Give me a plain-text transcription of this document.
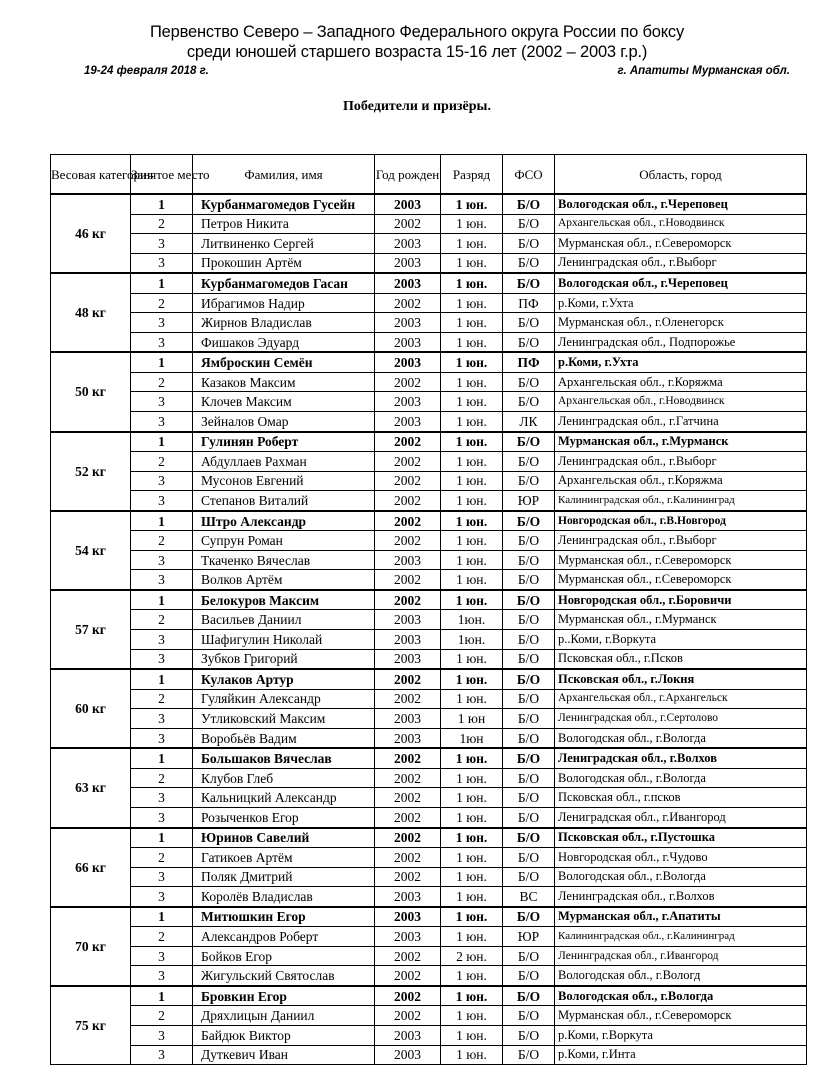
Первенство Северо – Западного Федерального округа России по боксу
среди юношей старшего возраста 15-16 лет (2002 – 2003 г.р.)
19-24 февраля 2018 г.	г. Апатиты Мурманская обл.
Победители и призёры.
Весовая категория	Занятое место	Фамилия, имя	Год рожден	Разряд	ФСО	Область, город
46 кг	1	Курбанмагомедов Гусейн	2003	1 юн.	Б/О	Вологодская обл., г.Череповец
	2	Петров Никита	2002	1 юн.	Б/О	Архангельская обл., г.Новодвинск
	3	Литвиненко Сергей	2003	1 юн.	Б/О	Мурманская обл., г.Североморск
	3	Прокошин Артём	2003	1 юн.	Б/О	Ленинградская обл., г.Выборг
48 кг	1	Курбанмагомедов Гасан	2003	1 юн.	Б/О	Вологодская обл., г.Череповец
	2	Ибрагимов Надир	2002	1 юн.	ПФ	р.Коми, г.Ухта
	3	Жирнов Владислав	2003	1 юн.	Б/О	Мурманская обл., г.Оленегорск
	3	Фишаков Эдуард	2003	1 юн.	Б/О	Ленинградская обл., Подпорожье
50 кг	1	Ямброскин Семён	2003	1 юн.	ПФ	р.Коми, г.Ухта
	2	Казаков Максим	2002	1 юн.	Б/О	Архангельская обл., г.Коряжма
	3	Клочев Максим	2003	1 юн.	Б/О	Архангельская обл., г.Новодвинск
	3	Зейналов Омар	2003	1 юн.	ЛК	Ленинградская обл., г.Гатчина
52 кг	1	Гулинян Роберт	2002	1 юн.	Б/О	Мурманская обл., г.Мурманск
	2	Абдуллаев Рахман	2002	1 юн.	Б/О	Ленинградская обл., г.Выборг
	3	Мусонов Евгений	2002	1 юн.	Б/О	Архангельская обл., г.Коряжма
	3	Степанов Виталий	2002	1 юн.	ЮР	Калининградская обл., г.Калининград
54 кг	1	Штро Александр	2002	1 юн.	Б/О	Новгородская обл., г.В.Новгород
	2	Супрун Роман	2002	1 юн.	Б/О	Ленинградская обл., г.Выборг
	3	Ткаченко Вячеслав	2003	1 юн.	Б/О	Мурманская обл., г.Североморск
	3	Волков Артём	2002	1 юн.	Б/О	Мурманская обл., г.Североморск
57 кг	1	Белокуров Максим	2002	1 юн.	Б/О	Новгородская обл., г.Боровичи
	2	Васильев Даниил	2003	1юн.	Б/О	Мурманская обл., г.Мурманск
	3	Шафигулин Николай	2003	1юн.	Б/О	р..Коми, г.Воркута
	3	Зубков Григорий	2003	1 юн.	Б/О	Псковская обл., г.Псков
60 кг	1	Кулаков Артур	2002	1 юн.	Б/О	Псковская обл., г.Локня
	2	Гуляйкин Александр	2002	1 юн.	Б/О	Архангельская обл., г.Архангельск
	3	Утликовский Максим	2003	1 юн	Б/О	Ленинградская обл., г.Сертолово
	3	Воробьёв Вадим	2003	1юн	Б/О	Вологодская обл., г.Вологда
63 кг	1	Большаков Вячеслав	2002	1 юн.	Б/О	Лениградская обл., г.Волхов
	2	Клубов Глеб	2002	1 юн.	Б/О	Вологодская обл., г.Вологда
	3	Кальницкий Александр	2002	1 юн.	Б/О	Псковская обл., г.псков
	3	Розыченков Егор	2002	1 юн.	Б/О	Лениградская обл., г.Ивангород
66 кг	1	Юринов Савелий	2002	1 юн.	Б/О	Псковская обл., г.Пустошка
	2	Гатикоев Артём	2002	1 юн.	Б/О	Новгородская обл., г.Чудово
	3	Поляк Дмитрий	2002	1 юн.	Б/О	Вологодская обл., г.Вологда
	3	Королёв Владислав	2003	1 юн.	ВС	Ленинградская обл., г.Волхов
70 кг	1	Митюшкин Егор	2003	1 юн.	Б/О	Мурманская обл., г.Апатиты
	2	Александров Роберт	2003	1 юн.	ЮР	Калининградская обл., г.Калининград
	3	Бойков Егор	2002	2 юн.	Б/О	Ленинградская обл., г.Ивангород
	3	Жигульский Святослав	2002	1 юн.	Б/О	Вологодская обл., г.Вологд
75 кг	1	Бровкин Егор	2002	1 юн.	Б/О	Вологодская обл., г.Вологда
	2	Дряхлицын Даниил	2002	1 юн.	Б/О	Мурманская обл., г.Североморск
	3	Байдюк Виктор	2003	1 юн.	Б/О	р.Коми, г.Воркута
	3	Дуткевич Иван	2003	1 юн.	Б/О	р.Коми, г.Инта
